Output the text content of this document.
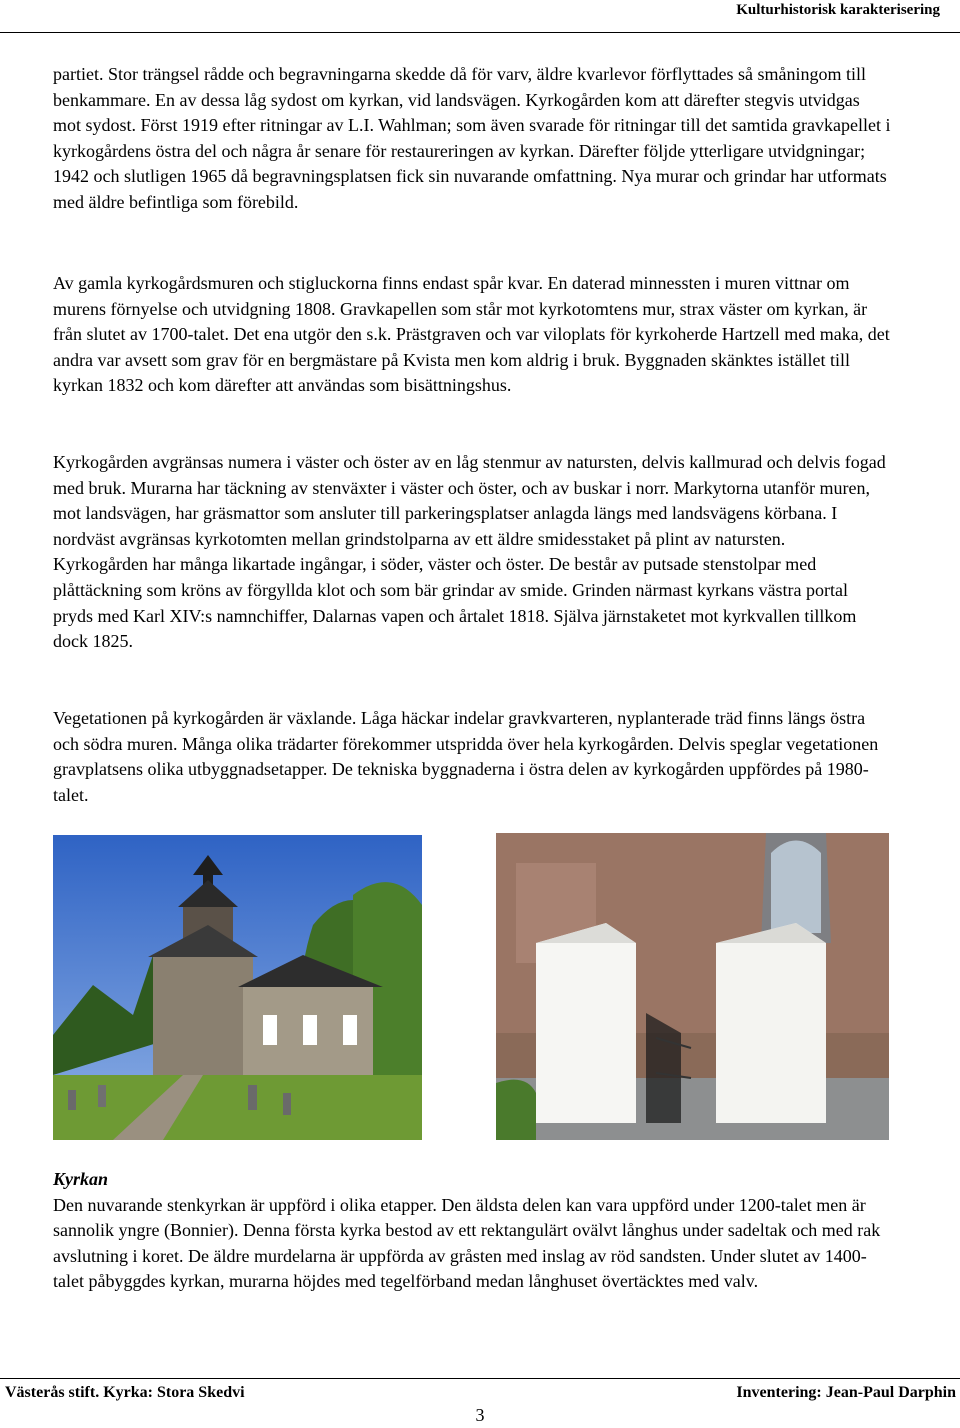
Kulturhistorisk karakterisering

partiet. Stor trängsel rådde och begravningarna skedde då för varv, äldre kvarlevor förflyttades så småningom till benkammare. En av dessa låg sydost om kyrkan, vid landsvägen. Kyrkogården kom att därefter stegvis utvidgas mot sydost. Först 1919 efter ritningar av L.I. Wahlman; som även svarade för ritningar till det samtida gravkapellet i kyrkogårdens östra del och några år senare för restaureringen av kyrkan. Därefter följde ytterligare utvidgningar; 1942 och slutligen 1965 då begravningsplatsen fick sin nuvarande omfattning. Nya murar och grindar har utformats med äldre befintliga som förebild.

Av gamla kyrkogårdsmuren och stigluckorna finns endast spår kvar. En daterad minnessten i muren vittnar om murens förnyelse och utvidgning 1808. Gravkapellen som står mot kyrkotomtens mur, strax väster om kyrkan, är från slutet av 1700-talet. Det ena utgör den s.k. Prästgraven och var viloplats för kyrkoherde Hartzell med maka, det andra var avsett som grav för en bergmästare på Kvista men kom aldrig i bruk. Byggnaden skänktes istället till kyrkan 1832 och kom därefter att användas som bisättningshus.

Kyrkogården avgränsas numera i väster och öster av en låg stenmur av natursten, delvis kallmurad och delvis fogad med bruk. Murarna har täckning av stenväxter i väster och öster, och av buskar i norr. Markytorna utanför muren, mot landsvägen, har gräsmattor som ansluter till parkeringsplatser anlagda längs med landsvägens körbana. I nordväst avgränsas kyrkotomten mellan grindstolparna av ett äldre smidesstaket på plint av natursten.
Kyrkogården har många likartade ingångar, i söder, väster och öster. De består av putsade stenstolpar med plåttäckning som kröns av förgyllda klot och som bär grindar av smide. Grinden närmast kyrkans västra portal pryds med Karl XIV:s namnchiffer, Dalarnas vapen och årtalet 1818. Själva järnstaketet mot kyrkvallen tillkom dock 1825.

Vegetationen på kyrkogården är växlande. Låga häckar indelar gravkvarteren, nyplanterade träd finns längs östra och södra muren. Många olika trädarter förekommer utspridda över hela kyrkogården. Delvis speglar vegetationen gravplatsens olika utbyggnadsetapper. De tekniska byggnaderna i östra delen av kyrkogården uppfördes på 1980-talet.

Kyrkan
Den nuvarande stenkyrkan är uppförd i olika etapper. Den äldsta delen kan vara uppförd under 1200-talet men är sannolik yngre (Bonnier). Denna första kyrka bestod av ett rektangulärt ovälvt långhus under sadeltak och med rak avslutning i koret. De äldre murdelarna är uppförda av gråsten med inslag av röd sandsten. Under slutet av 1400-talet påbyggdes kyrkan, murarna höjdes med tegelförband medan långhuset övertäcktes med valv.
Västerås stift. Kyrka: Stora Skedvi	Inventering: Jean-Paul Darphin
3
